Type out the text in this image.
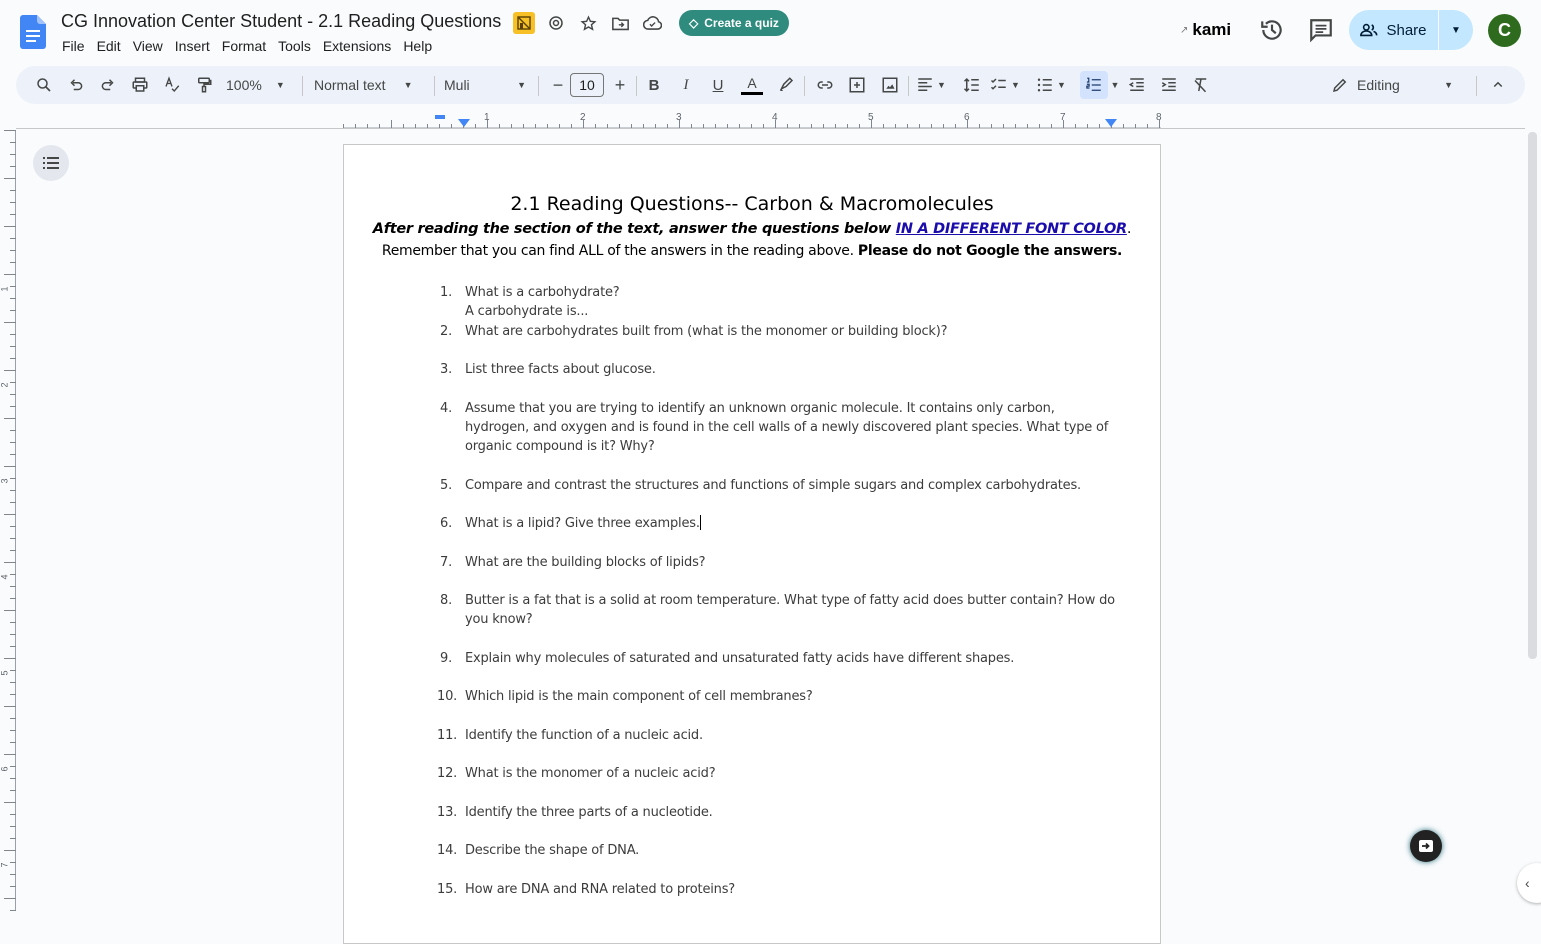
CG Innovation Center Student - 2.1 Reading Questions	◇ Create a quiz
File Edit View Insert Format Tools Extensions Help
↗ kami	Share ▼	C
100% ▼ Normal text ▼ Muli	▼	−	10	+	B	I	U	A	▼	▼	▼	▼	Editing	▼
1	2	3	4	5	6	7	8
1
2
3
4
5
6
7
2.1 Reading Questions-- Carbon & Macromolecules
After reading the section of the text, answer the questions below IN A DIFFERENT FONT COLOR.
Remember that you can find ALL of the answers in the reading above. Please do not Google the answers.
1. What is a carbohydrate?
A carbohydrate is...
2. What are carbohydrates built from (what is the monomer or building block)?
3. List three facts about glucose.
4. Assume that you are trying to identify an unknown organic molecule. It contains only carbon, hydrogen, and oxygen and is found in the cell walls of a newly discovered plant species. What type of organic compound is it? Why?
5. Compare and contrast the structures and functions of simple sugars and complex carbohydrates.
6. What is a lipid? Give three examples.
7. What are the building blocks of lipids?
8. Butter is a fat that is a solid at room temperature. What type of fatty acid does butter contain? How do you know?
9. Explain why molecules of saturated and unsaturated fatty acids have different shapes.
10. Which lipid is the main component of cell membranes?
11. Identify the function of a nucleic acid.
12. What is the monomer of a nucleic acid?
13. Identify the three parts of a nucleotide.
14. Describe the shape of DNA.
15. How are DNA and RNA related to proteins?	‹
